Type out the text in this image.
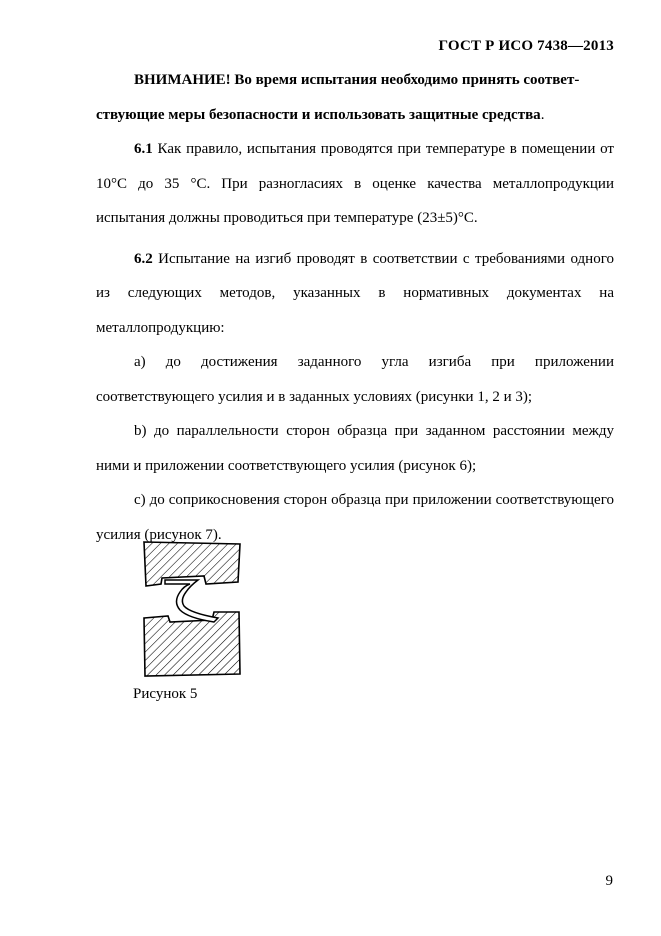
ГОСТ Р ИСО 7438—2013

ВНИМАНИЕ! Во время испытания необходимо принять соответ-
ствующие меры безопасности и использовать защитные средства.

6.1 Как правило, испытания проводятся при температуре в помещении от 10°С до 35 °С. При разногласиях в оценке качества металлопродукции испытания должны проводиться при температуре (23±5)°С.

6.2 Испытание на изгиб проводят в соответствии с требованиями одного из следующих методов, указанных в нормативных документах на металлопродукцию:

a) до достижения заданного угла изгиба при приложении соответствующего усилия и в заданных условиях (рисунки 1, 2 и 3);

b) до параллельности сторон образца при заданном расстоянии между ними и приложении соответствующего усилия (рисунок 6);

c) до соприкосновения сторон образца при приложении соответствующего усилия (рисунок 7).

Рисунок 5
9
